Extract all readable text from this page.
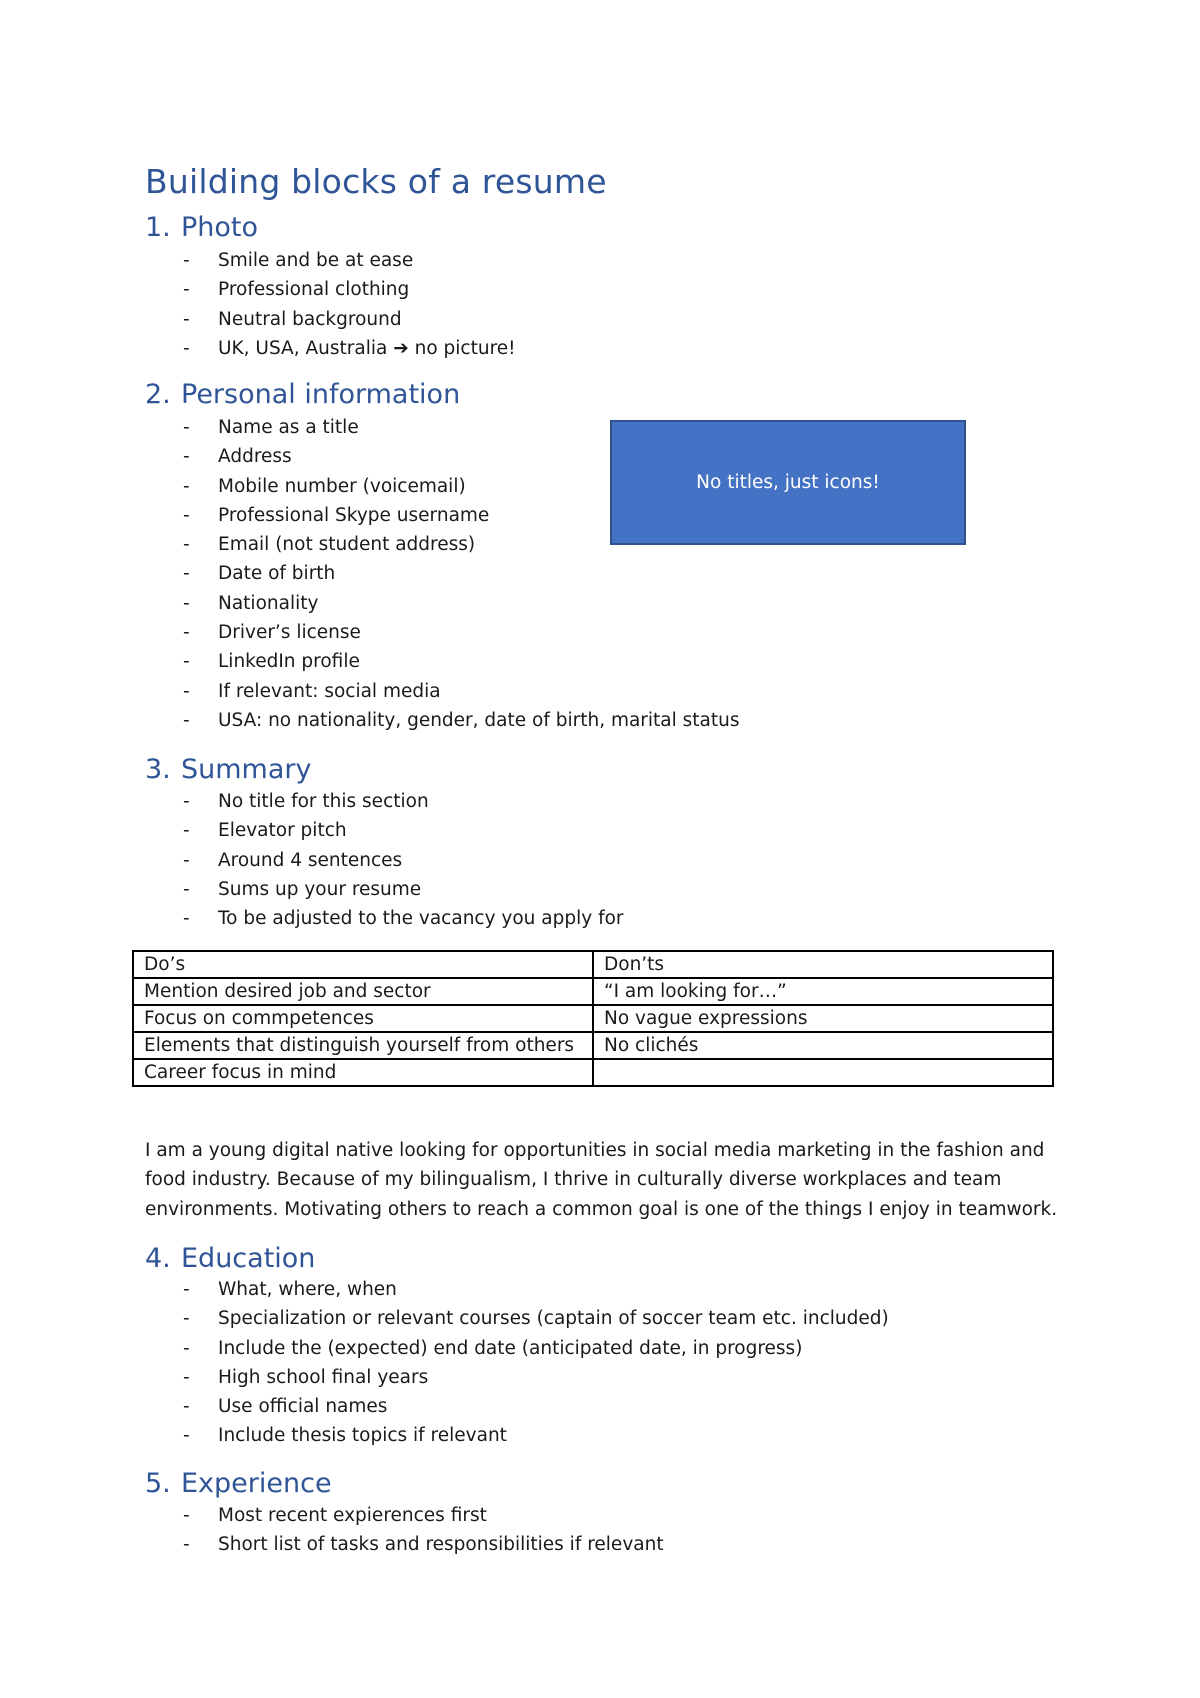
Building blocks of a resume
1. Photo
-	Smile and be at ease
-	Professional clothing
-	Neutral background
-	UK, USA, Australia ➔ no picture!
2. Personal information
-	Name as a title
-	Address
-	Mobile number (voicemail)
-	Professional Skype username
-	Email (not student address)
-	Date of birth
-	Nationality
-	Driver’s license
-	LinkedIn profile
-	If relevant: social media
-	USA: no nationality, gender, date of birth, marital status
No titles, just icons!
3. Summary
-	No title for this section
-	Elevator pitch
-	Around 4 sentences
-	Sums up your resume
-	To be adjusted to the vacancy you apply for
Do’s	Don’ts
Mention desired job and sector	“I am looking for…”
Focus on commpetences	No vague expressions
Elements that distinguish yourself from others	No clichés
Career focus in mind	

I am a young digital native looking for opportunities in social media marketing in the fashion and food industry. Because of my bilingualism, I thrive in culturally diverse workplaces and team environments. Motivating others to reach a common goal is one of the things I enjoy in teamwork.

4. Education
-	What, where, when
-	Specialization or relevant courses (captain of soccer team etc. included)
-	Include the (expected) end date (anticipated date, in progress)
-	High school final years
-	Use official names
-	Include thesis topics if relevant
5. Experience
-	Most recent expierences first
-	Short list of tasks and responsibilities if relevant
